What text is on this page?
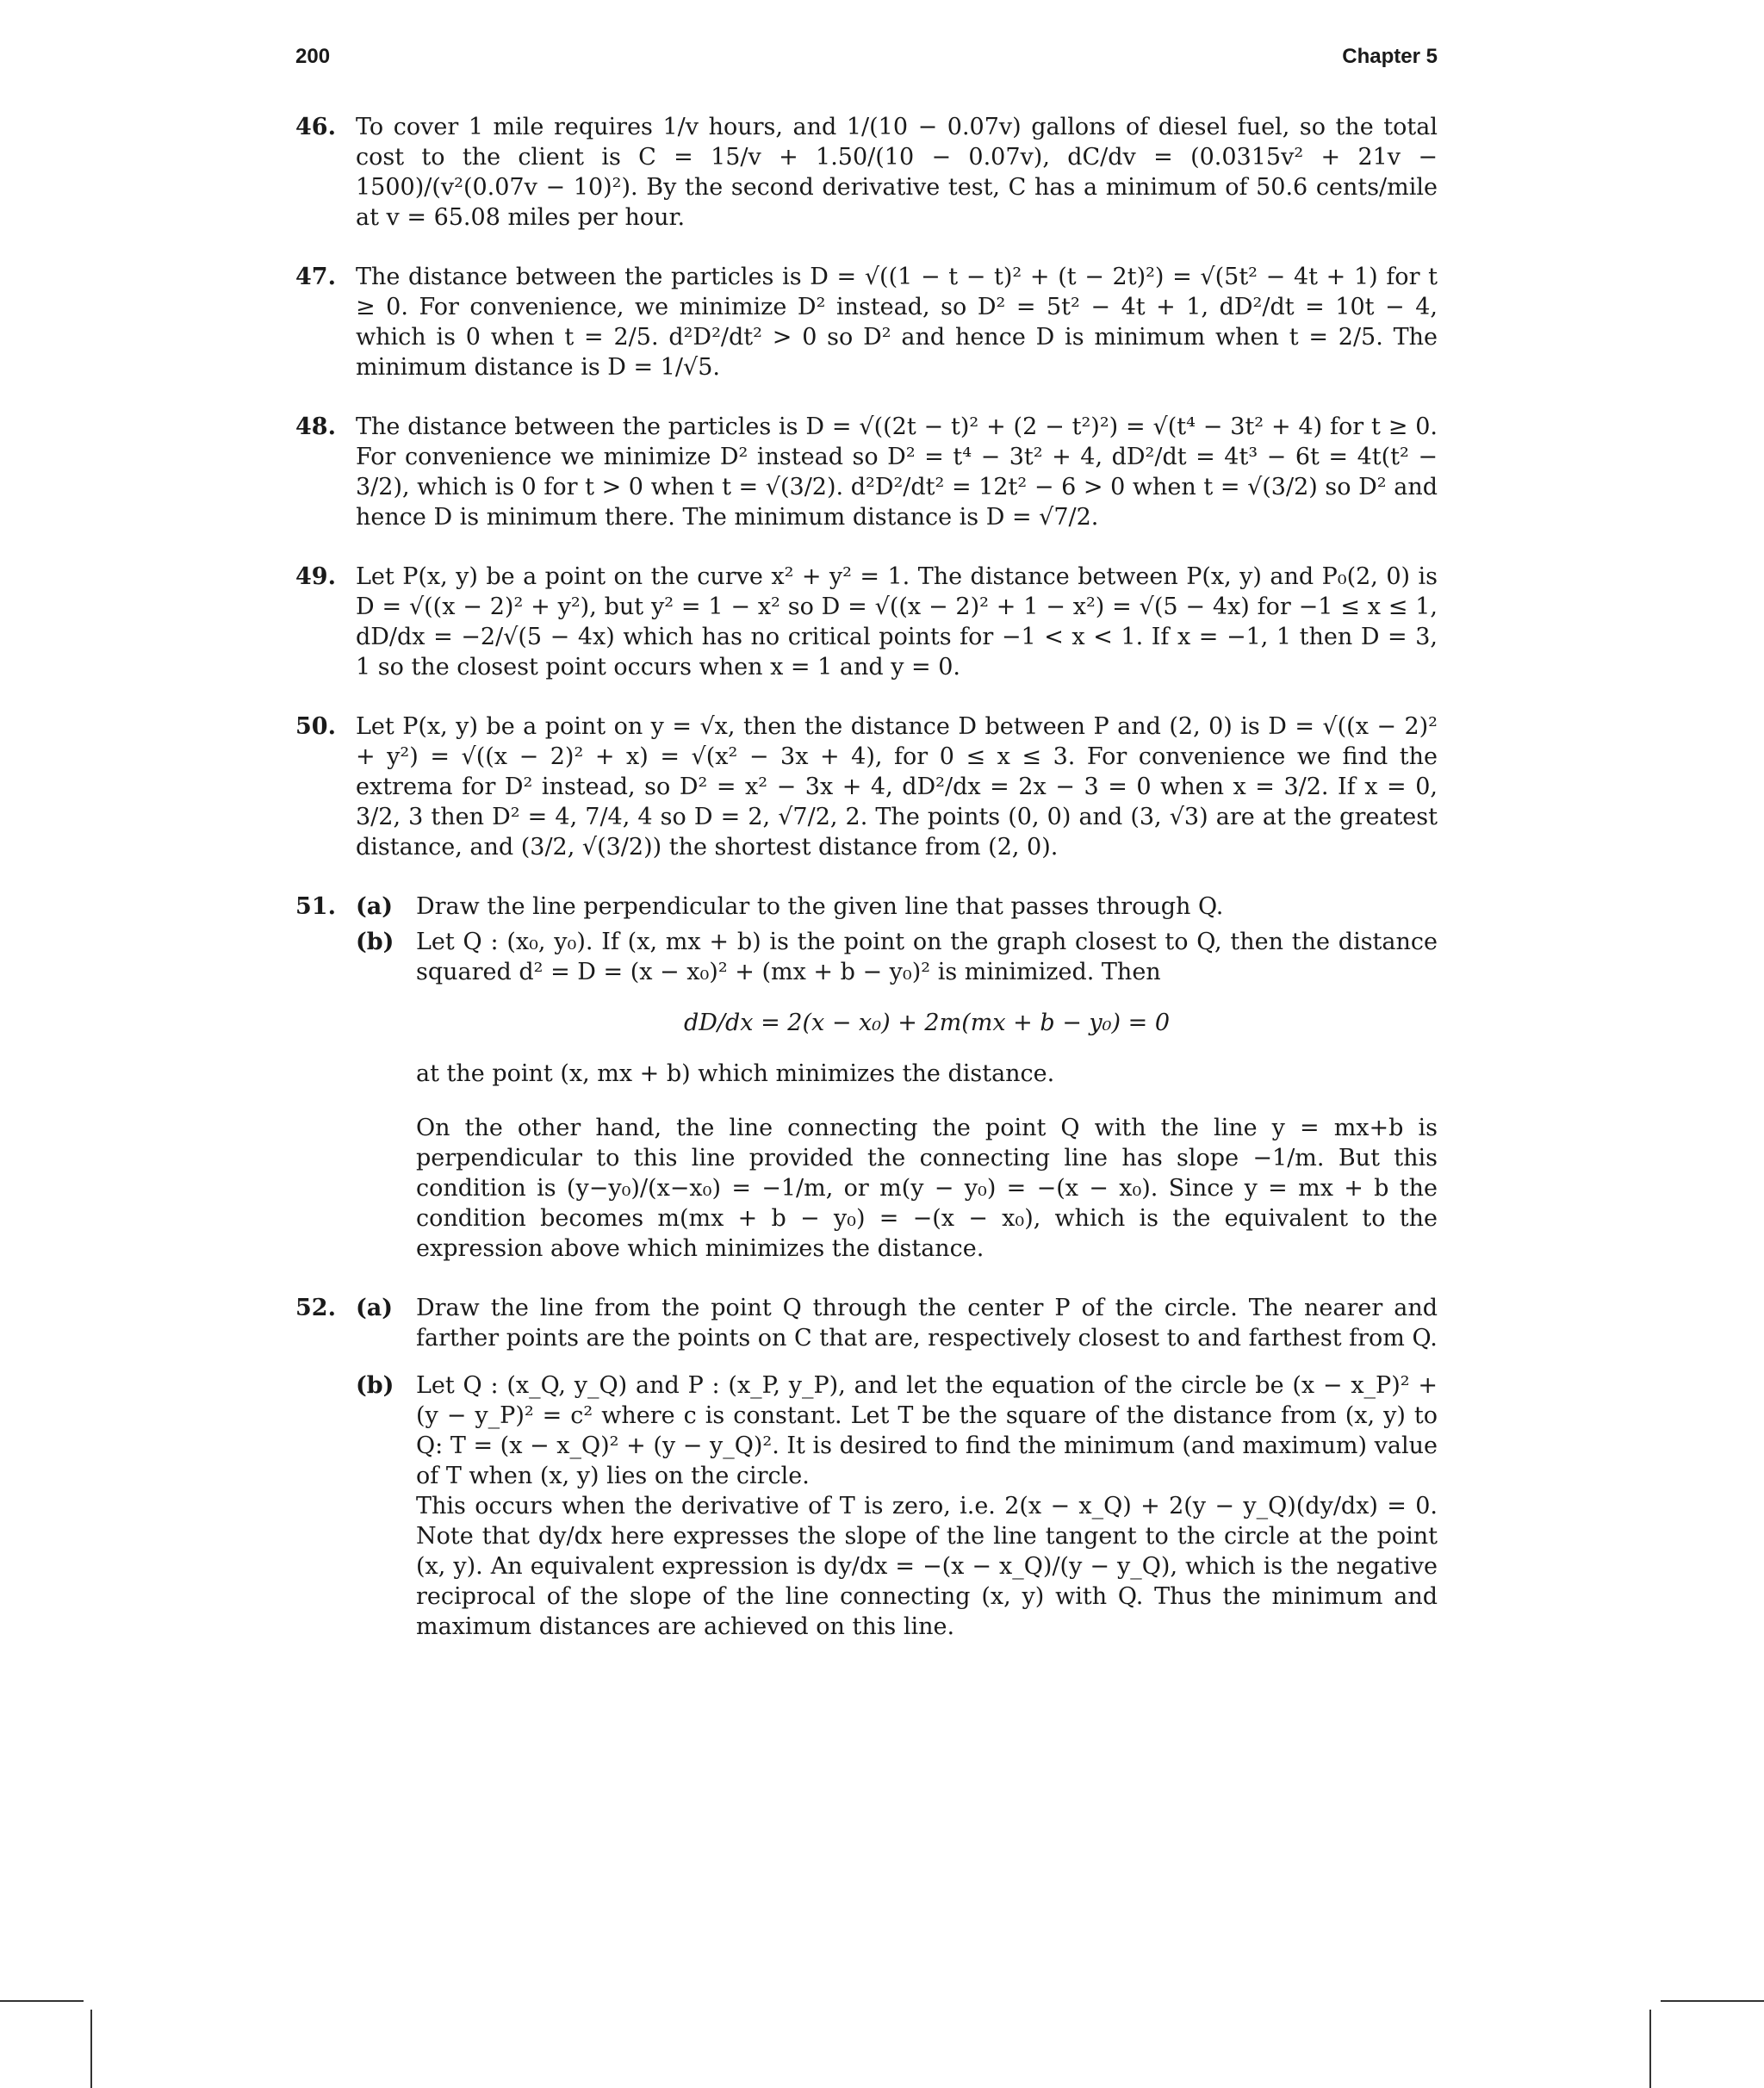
200	Chapter 5
46. To cover 1 mile requires 1/v hours, and 1/(10 − 0.07v) gallons of diesel fuel, so the total cost to the client is C = 15/v + 1.50/(10 − 0.07v), dC/dv = (0.0315v² + 21v − 1500)/(v²(0.07v − 10)²). By the second derivative test, C has a minimum of 50.6 cents/mile at v = 65.08 miles per hour.
47. The distance between the particles is D = √((1 − t − t)² + (t − 2t)²) = √(5t² − 4t + 1) for t ≥ 0. For convenience, we minimize D² instead, so D² = 5t² − 4t + 1, dD²/dt = 10t − 4, which is 0 when t = 2/5. d²D²/dt² > 0 so D² and hence D is minimum when t = 2/5. The minimum distance is D = 1/√5.
48. The distance between the particles is D = √((2t − t)² + (2 − t²)²) = √(t⁴ − 3t² + 4) for t ≥ 0. For convenience we minimize D² instead so D² = t⁴ − 3t² + 4, dD²/dt = 4t³ − 6t = 4t(t² − 3/2), which is 0 for t > 0 when t = √(3/2). d²D²/dt² = 12t² − 6 > 0 when t = √(3/2) so D² and hence D is minimum there. The minimum distance is D = √7/2.
49. Let P(x, y) be a point on the curve x² + y² = 1. The distance between P(x, y) and P₀(2, 0) is D = √((x − 2)² + y²), but y² = 1 − x² so D = √((x − 2)² + 1 − x²) = √(5 − 4x) for −1 ≤ x ≤ 1, dD/dx = −2/√(5 − 4x) which has no critical points for −1 < x < 1. If x = −1, 1 then D = 3, 1 so the closest point occurs when x = 1 and y = 0.
50. Let P(x, y) be a point on y = √x, then the distance D between P and (2, 0) is D = √((x − 2)² + y²) = √((x − 2)² + x) = √(x² − 3x + 4), for 0 ≤ x ≤ 3. For convenience we find the extrema for D² instead, so D² = x² − 3x + 4, dD²/dx = 2x − 3 = 0 when x = 3/2. If x = 0, 3/2, 3 then D² = 4, 7/4, 4 so D = 2, √7/2, 2. The points (0, 0) and (3, √3) are at the greatest distance, and (3/2, √(3/2)) the shortest distance from (2, 0).
51. (a) Draw the line perpendicular to the given line that passes through Q.
(b) Let Q : (x₀, y₀). If (x, mx + b) is the point on the graph closest to Q, then the distance squared d² = D = (x − x₀)² + (mx + b − y₀)² is minimized. Then
dD/dx = 2(x − x₀) + 2m(mx + b − y₀) = 0
at the point (x, mx + b) which minimizes the distance.
On the other hand, the line connecting the point Q with the line y = mx+b is perpendicular to this line provided the connecting line has slope −1/m. But this condition is (y−y₀)/(x−x₀) = −1/m, or m(y − y₀) = −(x − x₀). Since y = mx + b the condition becomes m(mx + b − y₀) = −(x − x₀), which is the equivalent to the expression above which minimizes the distance.
52. (a) Draw the line from the point Q through the center P of the circle. The nearer and farther points are the points on C that are, respectively closest to and farthest from Q.
(b) Let Q : (x_Q, y_Q) and P : (x_P, y_P), and let the equation of the circle be (x − x_P)² + (y − y_P)² = c² where c is constant. Let T be the square of the distance from (x, y) to Q: T = (x − x_Q)² + (y − y_Q)². It is desired to find the minimum (and maximum) value of T when (x, y) lies on the circle.
This occurs when the derivative of T is zero, i.e. 2(x − x_Q) + 2(y − y_Q)(dy/dx) = 0. Note that dy/dx here expresses the slope of the line tangent to the circle at the point (x, y). An equivalent expression is dy/dx = −(x − x_Q)/(y − y_Q), which is the negative reciprocal of the slope of the line connecting (x, y) with Q. Thus the minimum and maximum distances are achieved on this line.
